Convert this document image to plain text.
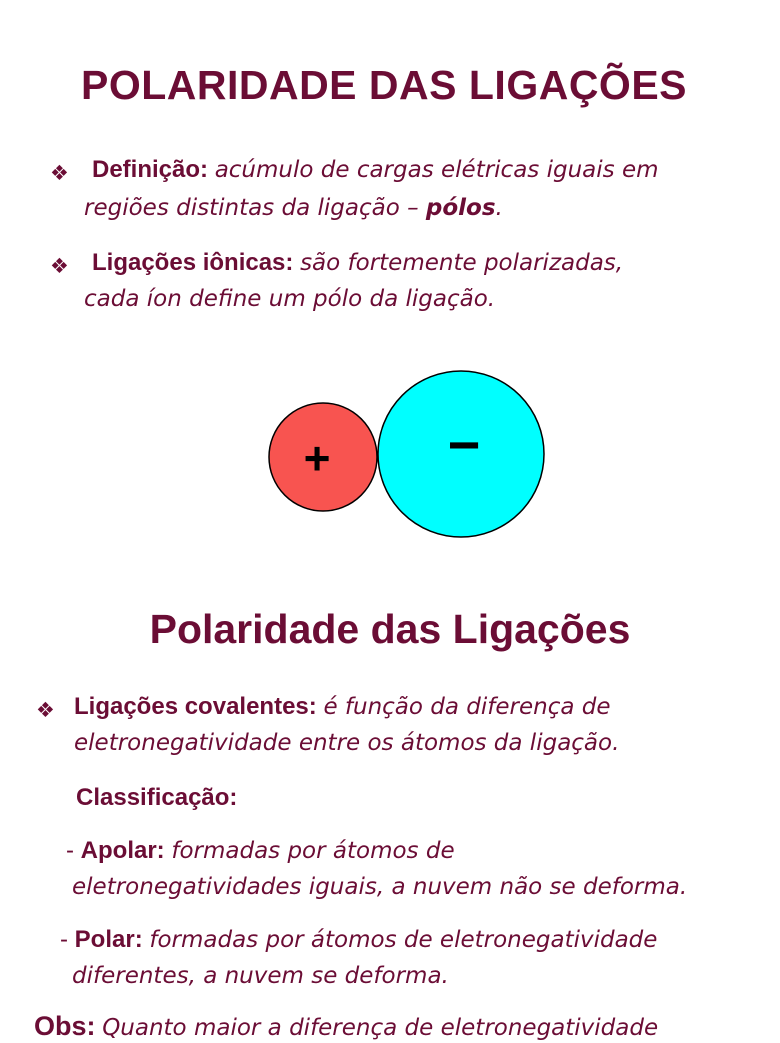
POLARIDADE DAS LIGAÇÕES
❖ Definição: acúmulo de cargas elétricas iguais em
regiões distintas da ligação – pólos.
❖ Ligações iônicas: são fortemente polarizadas,
cada íon define um pólo da ligação.
+ −
Polaridade das Ligações
❖ Ligações covalentes: é função da diferença de
eletronegatividade entre os átomos da ligação.
Classificação:
- Apolar: formadas por átomos de
eletronegatividades iguais, a nuvem não se deforma.
- Polar: formadas por átomos de eletronegatividade
diferentes, a nuvem se deforma.
Obs: Quanto maior a diferença de eletronegatividade
